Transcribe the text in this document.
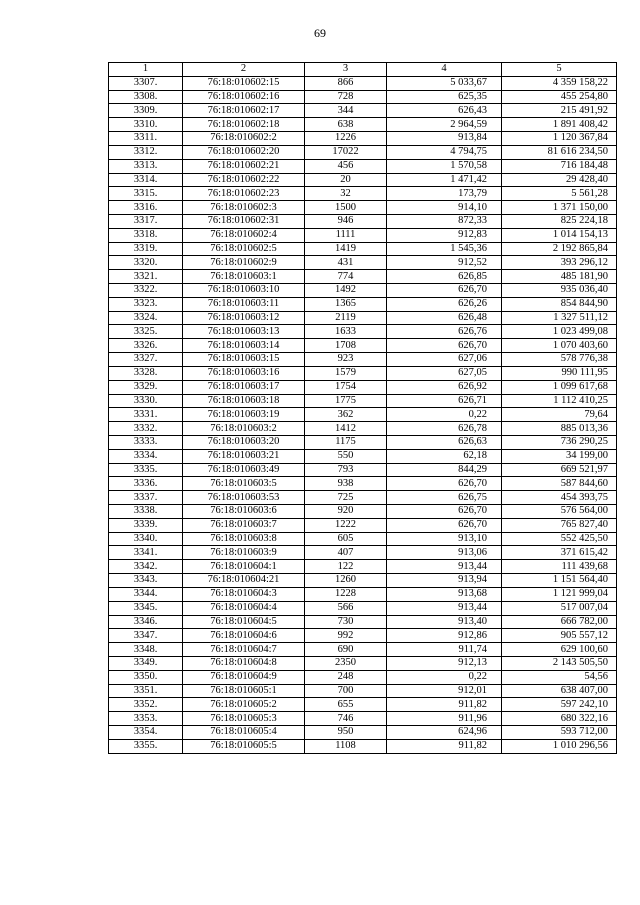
69
1	2	3	4	5
3307.	76:18:010602:15	866	5 033,67	4 359 158,22
3308.	76:18:010602:16	728	625,35	455 254,80
3309.	76:18:010602:17	344	626,43	215 491,92
3310.	76:18:010602:18	638	2 964,59	1 891 408,42
3311.	76:18:010602:2	1226	913,84	1 120 367,84
3312.	76:18:010602:20	17022	4 794,75	81 616 234,50
3313.	76:18:010602:21	456	1 570,58	716 184,48
3314.	76:18:010602:22	20	1 471,42	29 428,40
3315.	76:18:010602:23	32	173,79	5 561,28
3316.	76:18:010602:3	1500	914,10	1 371 150,00
3317.	76:18:010602:31	946	872,33	825 224,18
3318.	76:18:010602:4	1111	912,83	1 014 154,13
3319.	76:18:010602:5	1419	1 545,36	2 192 865,84
3320.	76:18:010602:9	431	912,52	393 296,12
3321.	76:18:010603:1	774	626,85	485 181,90
3322.	76:18:010603:10	1492	626,70	935 036,40
3323.	76:18:010603:11	1365	626,26	854 844,90
3324.	76:18:010603:12	2119	626,48	1 327 511,12
3325.	76:18:010603:13	1633	626,76	1 023 499,08
3326.	76:18:010603:14	1708	626,70	1 070 403,60
3327.	76:18:010603:15	923	627,06	578 776,38
3328.	76:18:010603:16	1579	627,05	990 111,95
3329.	76:18:010603:17	1754	626,92	1 099 617,68
3330.	76:18:010603:18	1775	626,71	1 112 410,25
3331.	76:18:010603:19	362	0,22	79,64
3332.	76:18:010603:2	1412	626,78	885 013,36
3333.	76:18:010603:20	1175	626,63	736 290,25
3334.	76:18:010603:21	550	62,18	34 199,00
3335.	76:18:010603:49	793	844,29	669 521,97
3336.	76:18:010603:5	938	626,70	587 844,60
3337.	76:18:010603:53	725	626,75	454 393,75
3338.	76:18:010603:6	920	626,70	576 564,00
3339.	76:18:010603:7	1222	626,70	765 827,40
3340.	76:18:010603:8	605	913,10	552 425,50
3341.	76:18:010603:9	407	913,06	371 615,42
3342.	76:18:010604:1	122	913,44	111 439,68
3343.	76:18:010604:21	1260	913,94	1 151 564,40
3344.	76:18:010604:3	1228	913,68	1 121 999,04
3345.	76:18:010604:4	566	913,44	517 007,04
3346.	76:18:010604:5	730	913,40	666 782,00
3347.	76:18:010604:6	992	912,86	905 557,12
3348.	76:18:010604:7	690	911,74	629 100,60
3349.	76:18:010604:8	2350	912,13	2 143 505,50
3350.	76:18:010604:9	248	0,22	54,56
3351.	76:18:010605:1	700	912,01	638 407,00
3352.	76:18:010605:2	655	911,82	597 242,10
3353.	76:18:010605:3	746	911,96	680 322,16
3354.	76:18:010605:4	950	624,96	593 712,00
3355.	76:18:010605:5	1108	911,82	1 010 296,56
